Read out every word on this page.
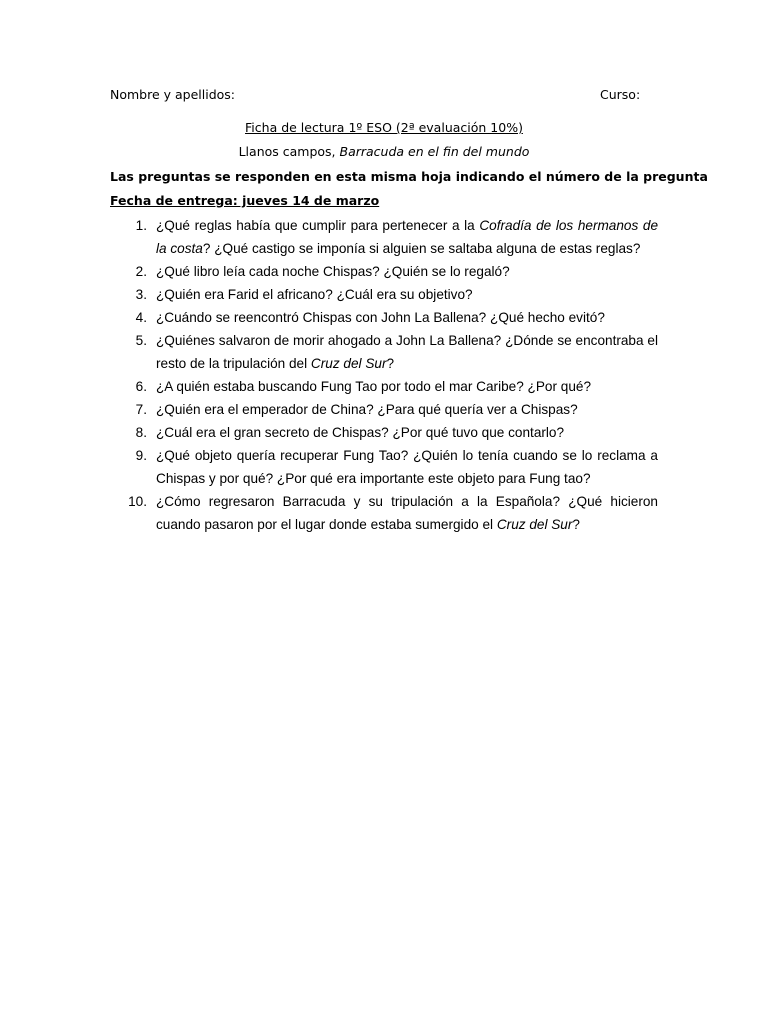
Nombre y apellidos:	Curso:
Ficha de lectura 1º ESO (2ª evaluación 10%)
Llanos campos, Barracuda en el fin del mundo
Las preguntas se responden en esta misma hoja indicando el número de la pregunta
Fecha de entrega: jueves 14 de marzo
1. ¿Qué reglas había que cumplir para pertenecer a la Cofradía de los hermanos de la costa? ¿Qué castigo se imponía si alguien se saltaba alguna de estas reglas?
2. ¿Qué libro leía cada noche Chispas? ¿Quién se lo regaló?
3. ¿Quién era Farid el africano? ¿Cuál era su objetivo?
4. ¿Cuándo se reencontró Chispas con John La Ballena? ¿Qué hecho evitó?
5. ¿Quiénes salvaron de morir ahogado a John La Ballena? ¿Dónde se encontraba el resto de la tripulación del Cruz del Sur?
6. ¿A quién estaba buscando Fung Tao por todo el mar Caribe? ¿Por qué?
7. ¿Quién era el emperador de China? ¿Para qué quería ver a Chispas?
8. ¿Cuál era el gran secreto de Chispas? ¿Por qué tuvo que contarlo?
9. ¿Qué objeto quería recuperar Fung Tao? ¿Quién lo tenía cuando se lo reclama a Chispas y por qué? ¿Por qué era importante este objeto para Fung tao?
10. ¿Cómo regresaron Barracuda y su tripulación a la Española? ¿Qué hicieron cuando pasaron por el lugar donde estaba sumergido el Cruz del Sur?
